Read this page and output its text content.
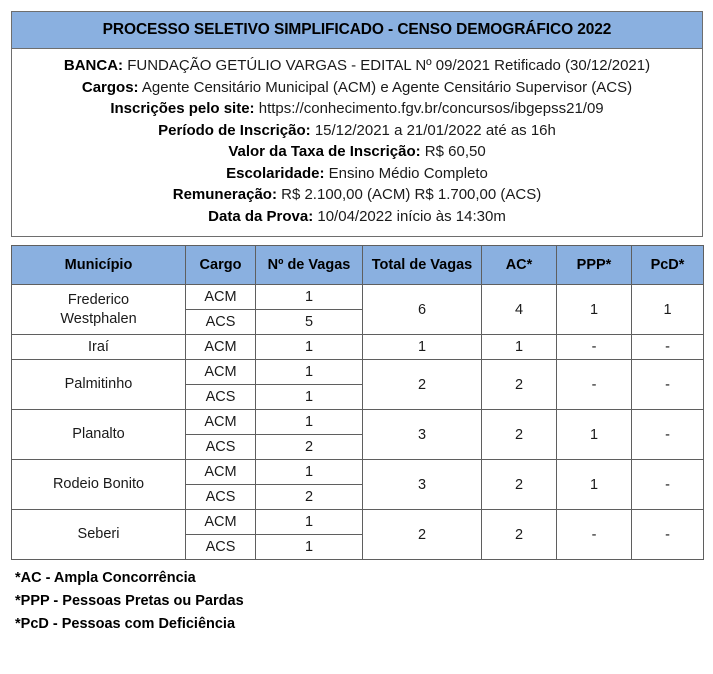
PROCESSO SELETIVO SIMPLIFICADO - CENSO DEMOGRÁFICO 2022
BANCA: FUNDAÇÃO GETÚLIO VARGAS - EDITAL Nº 09/2021 Retificado (30/12/2021)
Cargos: Agente Censitário Municipal (ACM) e Agente Censitário Supervisor (ACS)
Inscrições pelo site: https://conhecimento.fgv.br/concursos/ibgepss21/09
Período de Inscrição: 15/12/2021 a 21/01/2022 até as 16h
Valor da Taxa de Inscrição: R$ 60,50
Escolaridade: Ensino Médio Completo
Remuneração: R$ 2.100,00 (ACM) R$ 1.700,00 (ACS)
Data da Prova: 10/04/2022 início às 14:30m
Município	Cargo	Nº de Vagas	Total de Vagas	AC*	PPP*	PcD*

Frederico
Westphalen	ACM	1	6	4	1	1
	ACS	5				
Iraí	ACM	1	1	1	-	-
Palmitinho	ACM	1	2	2	-	-
	ACS	1				
Planalto	ACM	1	3	2	1	-
	ACS	2				
Rodeio Bonito	ACM	1	3	2	1	-
	ACS	2				
Seberi	ACM	1	2	2	-	-
	ACS	1				
*AC - Ampla Concorrência
*PPP - Pessoas Pretas ou Pardas
*PcD - Pessoas com Deficiência
